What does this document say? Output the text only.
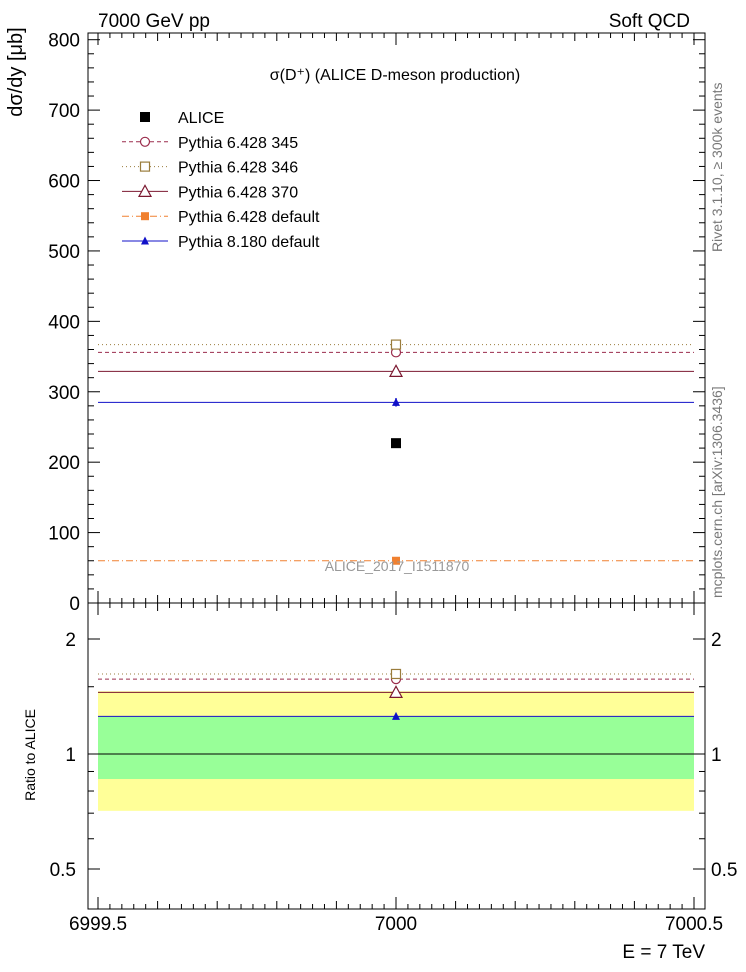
7000 GeV pp	Soft QCD
0
100
200
300
400
500
600
700
800
0.5	0.5
1	1
2	2
6999.5	7000	7000.5
ALICE
Pythia 6.428 345
Pythia 6.428 346
Pythia 6.428 370
Pythia 6.428 default
Pythia 8.180 default
σ(D⁺) (ALICE D-meson production)
dσ/dy [μb]
Ratio to ALICE
E = 7 TeV
Rivet 3.1.10, ≥ 300k events
mcplots.cern.ch [arXiv:1306.3436]
ALICE_2017_I1511870
